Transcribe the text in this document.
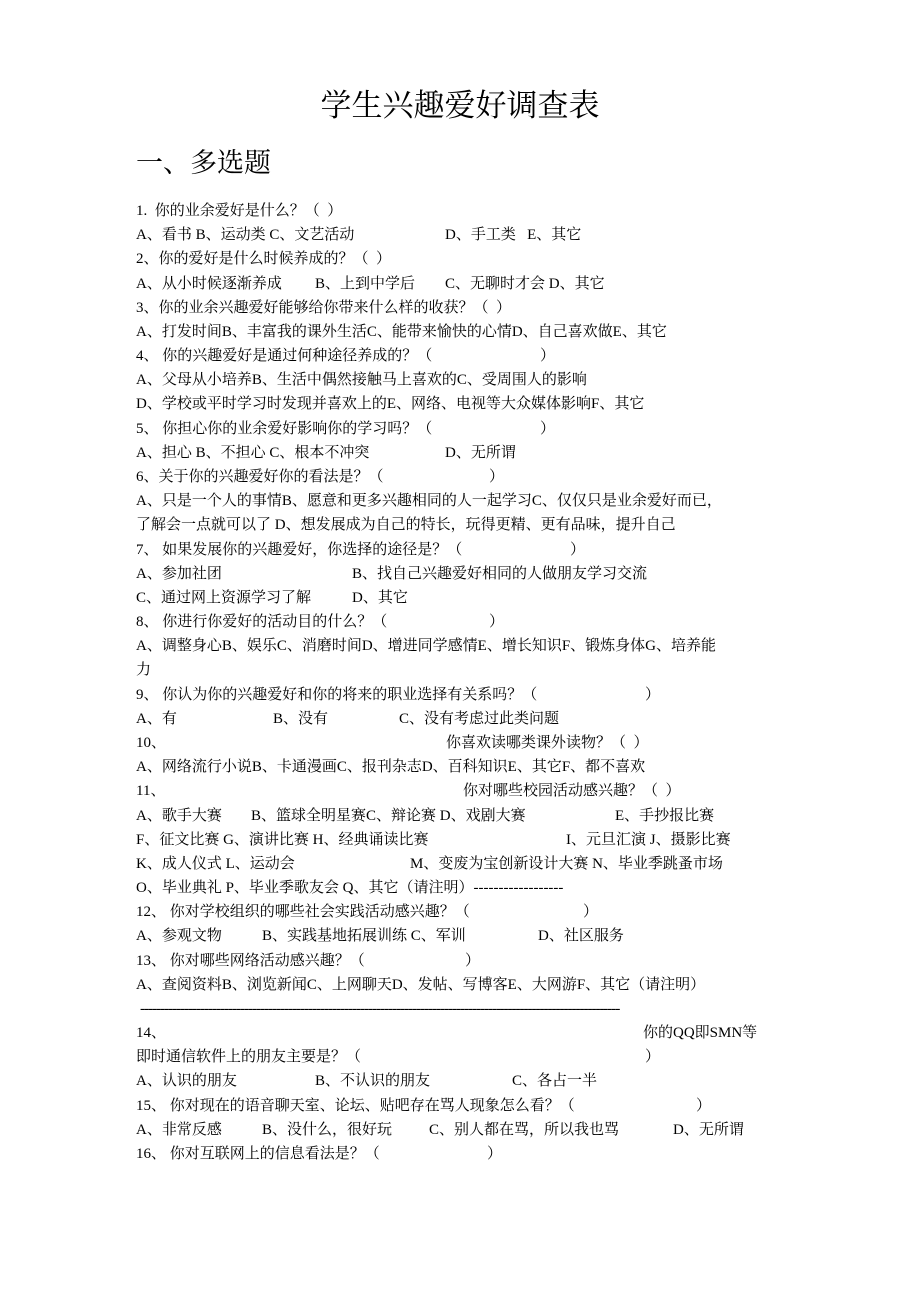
学生兴趣爱好调查表
一、多选题
1.  你的业余爱好是什么？（  ）
A、看书 B、运动类 C、文艺活动	D、手工类   E、其它
2、你的爱好是什么时候养成的？（  ）
A、从小时候逐渐养成 B、上到中学后 C、无聊时才会 D、其它
3、你的业余兴趣爱好能够给你带来什么样的收获？（  ）
A、打发时间B、丰富我的课外生活C、能带来愉快的心情D、自己喜欢做E、其它
4、 你的兴趣爱好是通过何种途径养成的？（	）
A、父母从小培养B、生活中偶然接触马上喜欢的C、受周围人的影响
D、学校或平时学习时发现并喜欢上的E、网络、电视等大众媒体影响F、其它
5、 你担心你的业余爱好影响你的学习吗？（	）
A、担心 B、不担心 C、根本不冲突	D、无所谓
6、关于你的兴趣爱好你的看法是？（	）
A、只是一个人的事情B、愿意和更多兴趣相同的人一起学习C、仅仅只是业余爱好而已，
了解会一点就可以了 D、想发展成为自己的特长，玩得更精、更有品味，提升自己
7、 如果发展你的兴趣爱好，你选择的途径是？（	）
A、参加社团	B、找自己兴趣爱好相同的人做朋友学习交流
C、通过网上资源学习了解	D、其它
8、 你进行你爱好的活动目的什么？（	）
A、调整身心B、娱乐C、消磨时间D、增进同学感情E、增长知识F、锻炼身体G、培养能
力
9、 你认为你的兴趣爱好和你的将来的职业选择有关系吗？（	）
A、有	B、没有	C、没有考虑过此类问题
10、	你喜欢读哪类课外读物？（  ）
A、网络流行小说B、卡通漫画C、报刊杂志D、百科知识E、其它F、都不喜欢
11、	你对哪些校园活动感兴趣？（  ）
A、歌手大赛 B、篮球全明星赛C、辩论赛 D、戏剧大赛	E、手抄报比赛
F、征文比赛 G、演讲比赛 H、经典诵读比赛	I、元旦汇演 J、摄影比赛
K、成人仪式 L、运动会	M、变废为宝创新设计大赛 N、毕业季跳蚤市场
O、毕业典礼 P、毕业季歌友会 Q、其它（请注明）------------------
12、 你对学校组织的哪些社会实践活动感兴趣？（	）
A、参观文物	B、实践基地拓展训练 C、军训	D、社区服务
13、 你对哪些网络活动感兴趣？（	）
A、查阅资料B、浏览新闻C、上网聊天D、发帖、写博客E、大网游F、其它（请注明）
------------------------------------------------------------------------------------------------------------------------
14、	你的QQ即SMN等
即时通信软件上的朋友主要是？（	）
A、认识的朋友	B、不认识的朋友	C、各占一半
15、 你对现在的语音聊天室、论坛、贴吧存在骂人现象怎么看？（	）
A、非常反感	B、没什么，很好玩 C、别人都在骂，所以我也骂	D、无所谓
16、 你对互联网上的信息看法是？（	）
